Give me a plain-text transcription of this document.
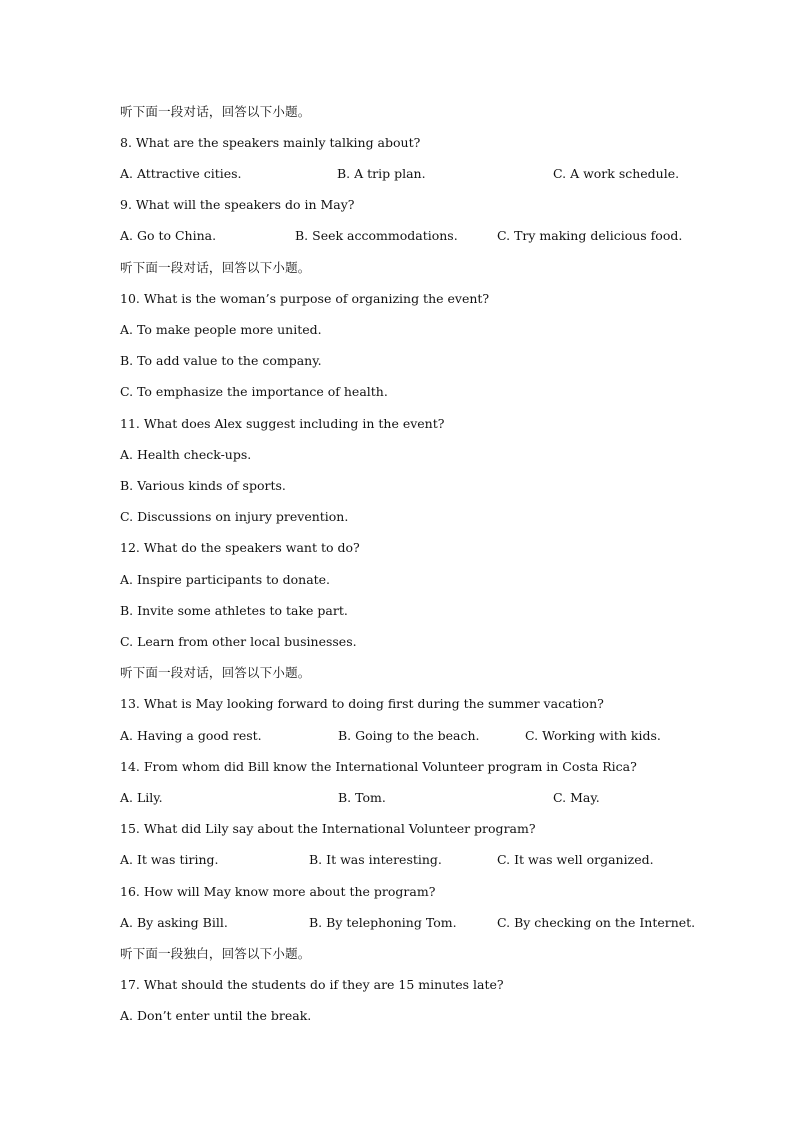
听下面一段对话，回答以下小题。
8. What are the speakers mainly talking about?
A. Attractive cities.	B. A trip plan.	C. A work schedule.
9. What will the speakers do in May?
A. Go to China.	B. Seek accommodations.	C. Try making delicious food.
听下面一段对话，回答以下小题。
10. What is the woman’s purpose of organizing the event?
A. To make people more united.
B. To add value to the company.
C. To emphasize the importance of health.
11. What does Alex suggest including in the event?
A. Health check-ups.
B. Various kinds of sports.
C. Discussions on injury prevention.
12. What do the speakers want to do?
A. Inspire participants to donate.
B. Invite some athletes to take part.
C. Learn from other local businesses.
听下面一段对话，回答以下小题。
13. What is May looking forward to doing first during the summer vacation?
A. Having a good rest.	B. Going to the beach.	C. Working with kids.
14. From whom did Bill know the International Volunteer program in Costa Rica?
A. Lily.	B. Tom.	C. May.
15. What did Lily say about the International Volunteer program?
A. It was tiring.	B. It was interesting.	C. It was well organized.
16. How will May know more about the program?
A. By asking Bill.	B. By telephoning Tom.	C. By checking on the Internet.
听下面一段独白，回答以下小题。
17. What should the students do if they are 15 minutes late?
A. Don’t enter until the break.
